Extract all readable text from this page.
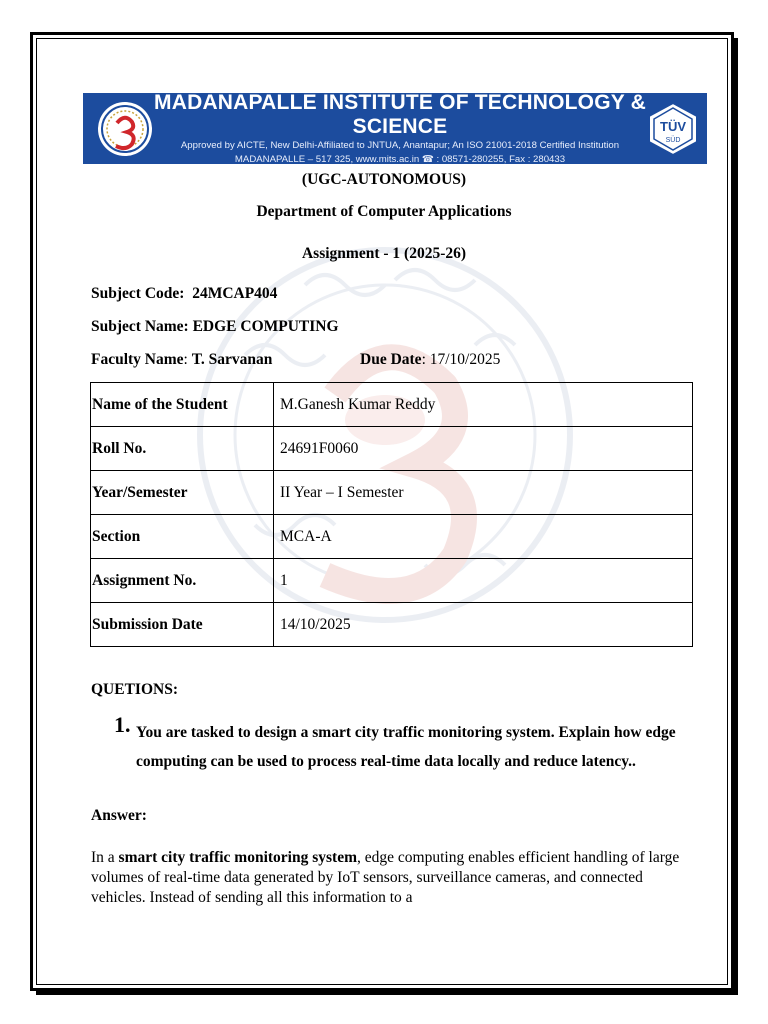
MADANAPALLE INSTITUTE OF TECHNOLOGY & SCIENCE
Approved by AICTE, New Delhi-Affiliated to JNTUA, Anantapur; An ISO 21001-2018 Certified Institution
MADANAPALLE – 517 325, www.mits.ac.in ☎ : 08571-280255, Fax : 280433
TÜV
SÜD
(UGC-AUTONOMOUS)
Department of Computer Applications
Assignment - 1 (2025-26)
Subject Code: 24MCAP404
Subject Name: EDGE COMPUTING
Faculty Name: T. Sarvanan	Due Date: 17/10/2025
Name of the Student	M.Ganesh Kumar Reddy
Roll No.	24691F0060
Year/Semester	II Year – I Semester
Section	MCA-A
Assignment No.	1
Submission Date	14/10/2025
QUETIONS:
1. You are tasked to design a smart city traffic monitoring system. Explain how edge computing can be used to process real-time data locally and reduce latency..
Answer:
In a smart city traffic monitoring system, edge computing enables efficient handling of large volumes of real-time data generated by IoT sensors, surveillance cameras, and connected vehicles. Instead of sending all this information to a
